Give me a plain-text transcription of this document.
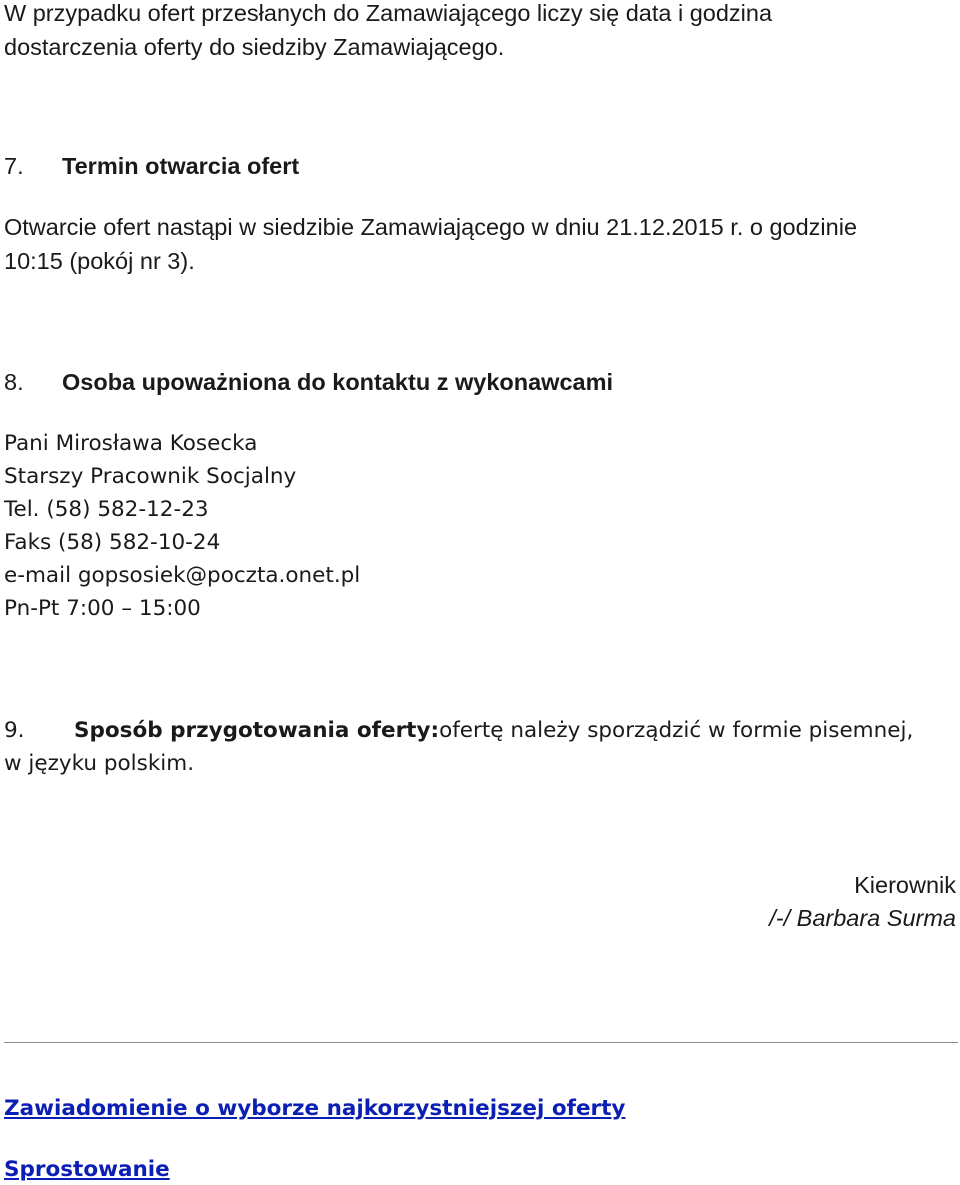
W przypadku ofert przesłanych do Zamawiającego liczy się data i godzina
dostarczenia oferty do siedziby Zamawiającego.
7. Termin otwarcia ofert
Otwarcie ofert nastąpi w siedzibie Zamawiającego w dniu 21.12.2015 r. o godzinie
10:15 (pokój nr 3).
8. Osoba upoważniona do kontaktu z wykonawcami
Pani Mirosława Kosecka
Starszy Pracownik Socjalny
Tel. (58) 582-12-23
Faks (58) 582-10-24
e-mail gopsosiek@poczta.onet.pl
Pn-Pt 7:00 – 15:00
9. Sposób przygotowania oferty:ofertę należy sporządzić w formie pisemnej,
w języku polskim.
Kierownik
/-/ Barbara Surma
Zawiadomienie o wyborze najkorzystniejszej oferty
Sprostowanie
